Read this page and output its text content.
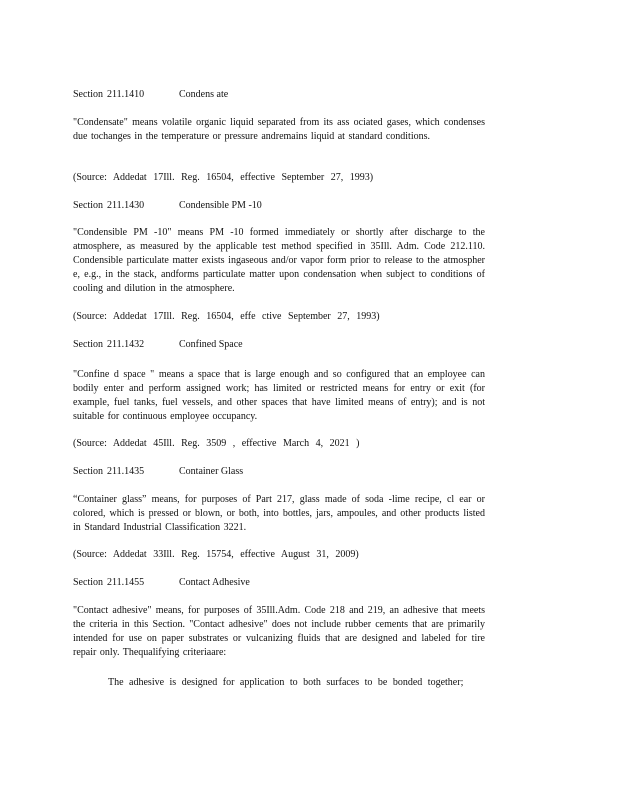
Section 211.1410	Condens ate

"Condensate" means volatile organic liquid separated from its ass ociated gases, which condenses due tochanges in the temperature or pressure andremains liquid at standard conditions.

(Source: Addedat 17Ill. Reg. 16504, effective September 27, 1993)

Section 211.1430	Condensible PM -10

"Condensible PM -10" means PM -10 formed immediately or shortly after discharge to the atmosphere, as measured by the applicable test method specified in 35Ill. Adm. Code 212.110. Condensible particulate matter exists ingaseous and/or vapor form prior to release to the atmospher e, e.g., in the stack, andforms particulate matter upon condensation when subject to conditions of cooling and dilution in the atmosphere.

(Source: Addedat 17Ill. Reg. 16504, effe ctive September 27, 1993)

Section 211.1432	Confined Space

"Confine d space " means a space that is large enough and so configured that an employee can bodily enter and perform assigned work; has limited or restricted means for entry or exit (for example, fuel tanks, fuel vessels, and other spaces that have limited means of entry); and is not suitable for continuous employee occupancy.

(Source: Addedat 45Ill. Reg. 3509 , effective March 4, 2021 )

Section 211.1435	Container Glass

“Container glass” means, for purposes of Part 217, glass made of soda -lime recipe, cl ear or colored, which is pressed or blown, or both, into bottles, jars, ampoules, and other products listed in Standard Industrial Classification 3221.

(Source: Addedat 33Ill. Reg. 15754, effective August 31, 2009)

Section 211.1455	Contact Adhesive

"Contact adhesive" means, for purposes of 35Ill.Adm. Code 218 and 219, an adhesive that meets the criteria in this Section. "Contact adhesive" does not include rubber cements that are primarily intended for use on paper substrates or vulcanizing fluids that are designed and labeled for tire repair only. Thequalifying criteriaare:

The adhesive is designed for application to both surfaces to be bonded together;
